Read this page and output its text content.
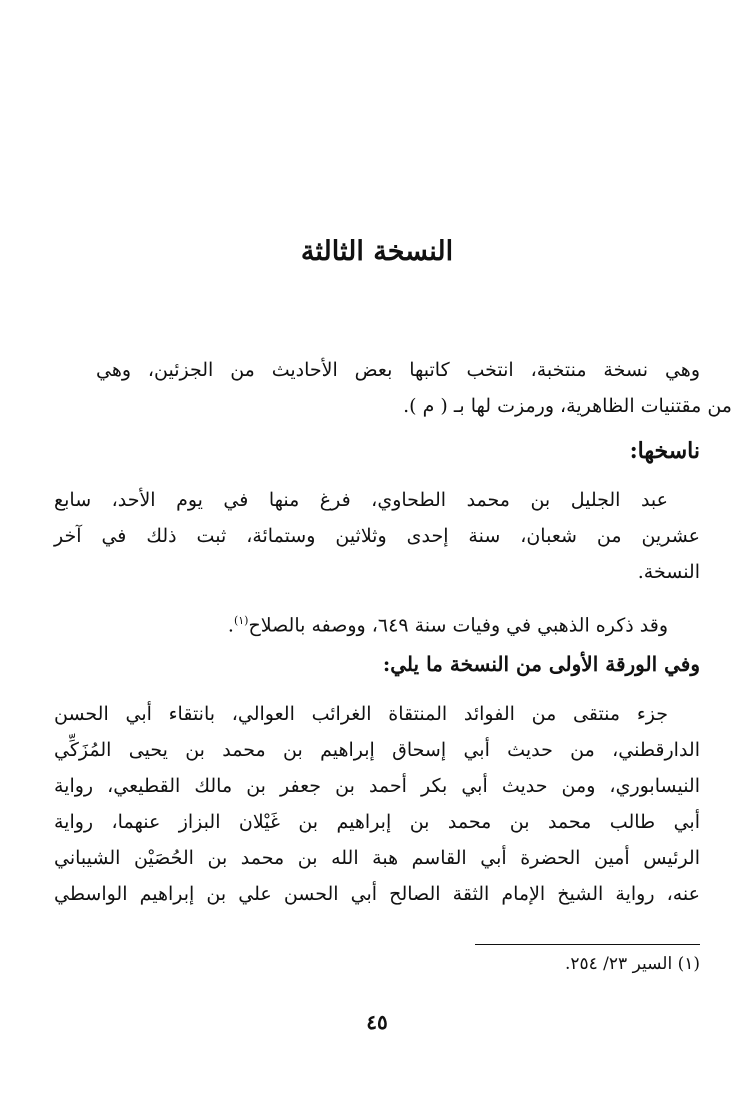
النسخة الثالثة
وهي نسخة منتخبة، انتخب كاتبها بعض الأحاديث من الجزئين، وهي
من مقتنيات الظاهرية، ورمزت لها بـ ( م ).
ناسخها:
عبد الجليل بن محمد الطحاوي، فرغ منها في يوم الأحد، سابع
عشرين من شعبان، سنة إحدى وثلاثين وستمائة، ثبت ذلك في آخر
النسخة.
وقد ذكره الذهبي في وفيات سنة ٦٤٩، ووصفه بالصلاح$^{(١)}$.
وفي الورقة الأولى من النسخة ما يلي:
جزء منتقى من الفوائد المنتقاة الغرائب العوالي، بانتقاء أبي الحسن
الدارقطني، من حديث أبي إسحاق إبراهيم بن محمد بن يحيى المُزَكِّي
النيسابوري، ومن حديث أبي بكر أحمد بن جعفر بن مالك القطيعي، رواية
أبي طالب محمد بن محمد بن إبراهيم بن غَيْلان البزاز عنهما، رواية
الرئيس أمين الحضرة أبي القاسم هبة الله بن محمد بن الحُصَيْن الشيباني
عنه، رواية الشيخ الإمام الثقة الصالح أبي الحسن علي بن إبراهيم الواسطي

(١) السير ٢٣/ ٢٥٤.

٤٥
